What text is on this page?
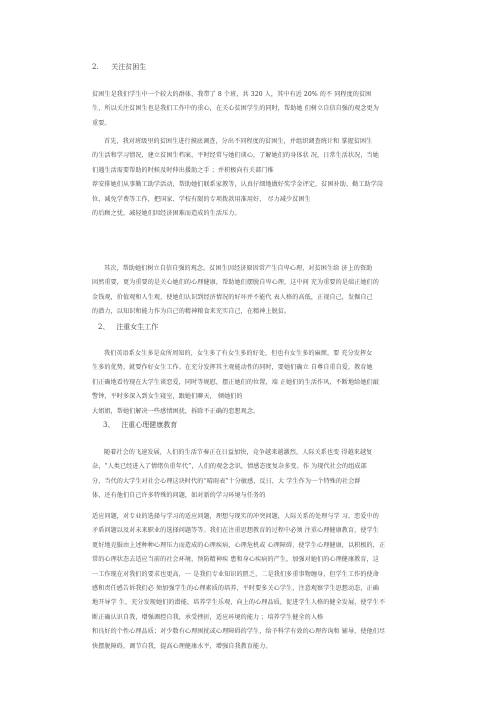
2. 关注贫困生
贫困生是我们学生中一个较大的群体，我带了 8 个班，共 320 人，其中有近 20% 的不 同程度的贫困
生，所以关注贫困生也是我们工作中的重心，在关心贫困学生的同时，帮助她 们树立自信自强的观念更为
重要。
首先，我对班级里的贫困生进行摸底调查，分出不同程度的贫困生，并组织调查统计和 掌握贫困生
的生活和学习情况，建立贫困生档案，平时经常与她们谈心，了解她们的身体状 况，日常生活状况，当她
们遇生活需要帮助的时候及时伸出援助之手 ；并积极向有关部门推
荐安排她们从事勤工助学活动，帮助她们联系家教等，认真仔细地做好奖学金评定、贫困补助、勤工助学岗
位、减免学费等工作，把国家、学校有限的专项拨款用准用好， 尽力减少贫困生
的后顾之忧，减轻她们因经济困难而造成的生活压力。
其次，帮助她们树立自信自强的观念。贫困生因经济原因常产生自卑心理，对贫困生给 济上的资助
固然重要，更为重要的是关心她们的心理健康，帮助她们摆脱自卑心理，这中间 充为重要的是端正她们的
金钱观，价值观和人生观，使她们认识到经济情况的好坏并不能代 表人格的高低，正视自己，发掘自己
的潜力，以知识和能力作为自己的精神粮食来充实自己，在精神上脱贫。
2、 注重女生工作
我们英语系女生多是众所周知的，女生多了有女生多的好处，但也有女生多的麻烦，要 充分发挥女
生多的优势，就要作好女生工作。在充分发挥其主观能动性的同时，要她们确立 自尊自重自爱，教育她
们正确地看待现在大学生谈恋爱，同时等规慰，摆正她们的位置，端 正她们的生活作风，不断地给她们敲
警钟，平时多深入到女生寝室，跟她们聊天， 倾她们的
大姐姐，帮她们解决一些感情困扰，拆除不正确的恋想观念。
3、 注重心理健康教育
随着社会的飞速发展，人们的生活节奏正在日益加快，竞争越来越激烈，人际关系也变 得越来越复
杂，“人类已经进入了情绪负重年代”，人们的观念念识，情感态度复杂多变。作 为现代社会的组成部
分，当代的大学生对社会心理这块时代的“晴雨表”十分敏感，反日，大 学生作为一个特殊的社会群
体，还有他们自己许多特殊的问题，如对新的学习环境与任务的
适应问题，对专业的选择与学习的适应问题，理想与现实的冲突问题，人际关系的处理与学 习，恋爱中的
矛盾问题以及对未来职业的选择问题等等。我们在注重思想教育的过程中必须 注重心理健康教育，使学生
更好地克服由上述种种心理压力而造成的心理疾病、心理危机或 心理障碍，使学生心理健康，以积极的，正
常的心理状态去适应当前的社会环境，预防精神疾 患和身心疾病的产生，加强对她们的心理健康教育，这
一工作现在对我们的要求也更高，一 是我们专业知识的匮乏，二是我们多重事物缠身，但学生工作的使命
感和责任感告诉我们必 须加强学生的心理素质的培养，平时要多关心学生，注意观察学生思想动态，正确
地开导学 生，充分发现她们的潜能，培养学生乐观，向上的心理品质，促进学生人格的健全发展，使学生不
断正确认识自我，增强调控自我，承受挫折，适应环境的能力 ；培养学生健全的人格
和良好的个性心理品质；对少数有心理困扰或心理障碍的学生，给予科学有效的心理咨询和 辅导，使他们尽
快摆脱障碍，调节自我，提高心理健康水平，增强自我教育能力。
